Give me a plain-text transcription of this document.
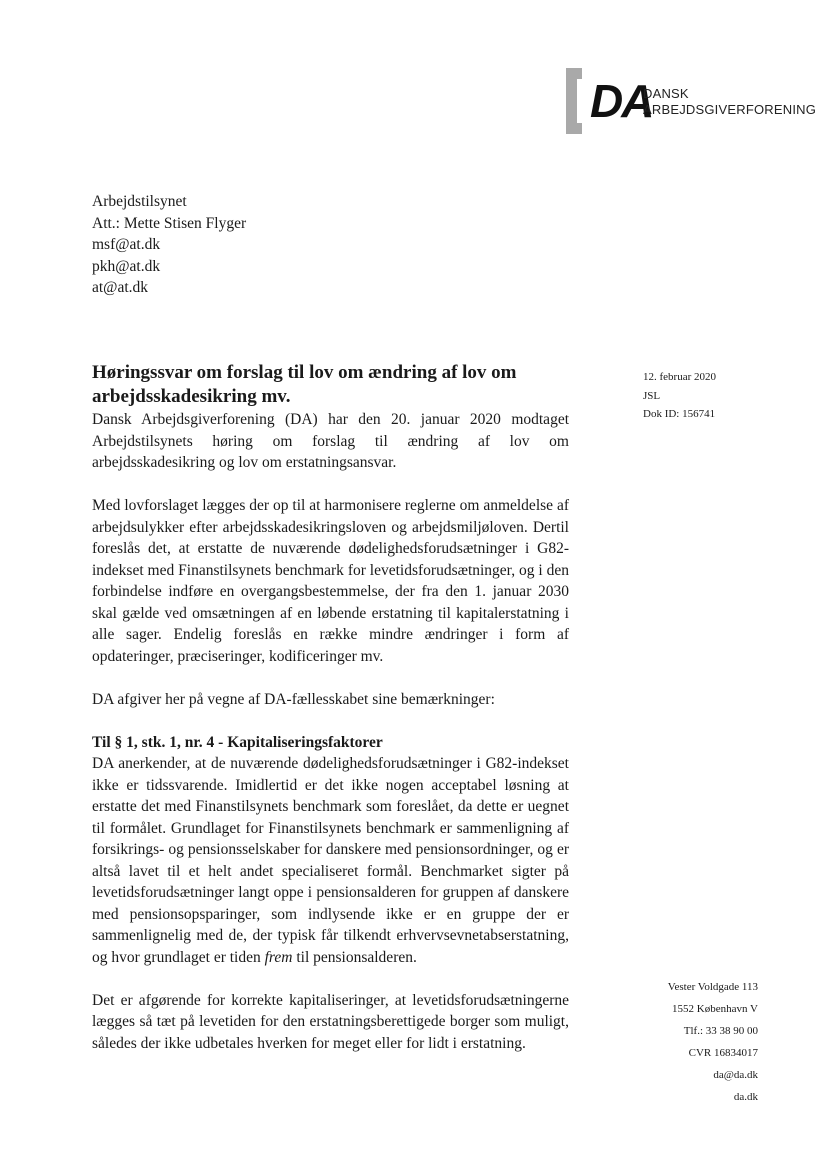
DA
DANSK
ARBEJDSGIVERFORENING
Arbejdstilsynet
Att.: Mette Stisen Flyger
msf@at.dk
pkh@at.dk
at@at.dk
12. februar 2020
JSL
Dok ID: 156741
Høringssvar om forslag til lov om ændring af lov om arbejdsskadesikring mv.

Dansk Arbejdsgiverforening (DA) har den 20. januar 2020 modtaget Arbejdstilsynets høring om forslag til ændring af lov om arbejdsskadesikring og lov om erstatningsansvar.

Med lovforslaget lægges der op til at harmonisere reglerne om anmeldelse af arbejdsulykker efter arbejdsskadesikringsloven og arbejdsmiljøloven. Dertil foreslås det, at erstatte de nuværende dødelighedsforudsætninger i G82-indekset med Finanstilsynets benchmark for levetidsforudsætninger, og i den forbindelse indføre en overgangsbestemmelse, der fra den 1. januar 2030 skal gælde ved omsætningen af en løbende erstatning til kapitalerstatning i alle sager. Endelig foreslås en række mindre ændringer i form af opdateringer, præciseringer, kodificeringer mv.

DA afgiver her på vegne af DA-fællesskabet sine bemærkninger:

Til § 1, stk. 1, nr. 4 - Kapitaliseringsfaktorer

DA anerkender, at de nuværende dødelighedsforudsætninger i G82-indekset ikke er tidssvarende. Imidlertid er det ikke nogen acceptabel løsning at erstatte det med Finanstilsynets benchmark som foreslået, da dette er uegnet til formålet. Grundlaget for Finanstilsynets benchmark er sammenligning af forsikrings- og pensionsselskaber for danskere med pensionsordninger, og er altså lavet til et helt andet specialiseret formål. Benchmarket sigter på levetidsforudsætninger langt oppe i pensionsalderen for gruppen af danskere med pensionsopsparinger, som indlysende ikke er en gruppe der er sammenlignelig med de, der typisk får tilkendt erhvervsevnetabserstatning, og hvor grundlaget er tiden frem til pensionsalderen.

Det er afgørende for korrekte kapitaliseringer, at levetidsforudsætningerne lægges så tæt på levetiden for den erstatningsberettigede borger som muligt, således der ikke udbetales hverken for meget eller for lidt i erstatning.

Vester Voldgade 113
1552 København V
Tlf.: 33 38 90 00
CVR 16834017
da@da.dk
da.dk
